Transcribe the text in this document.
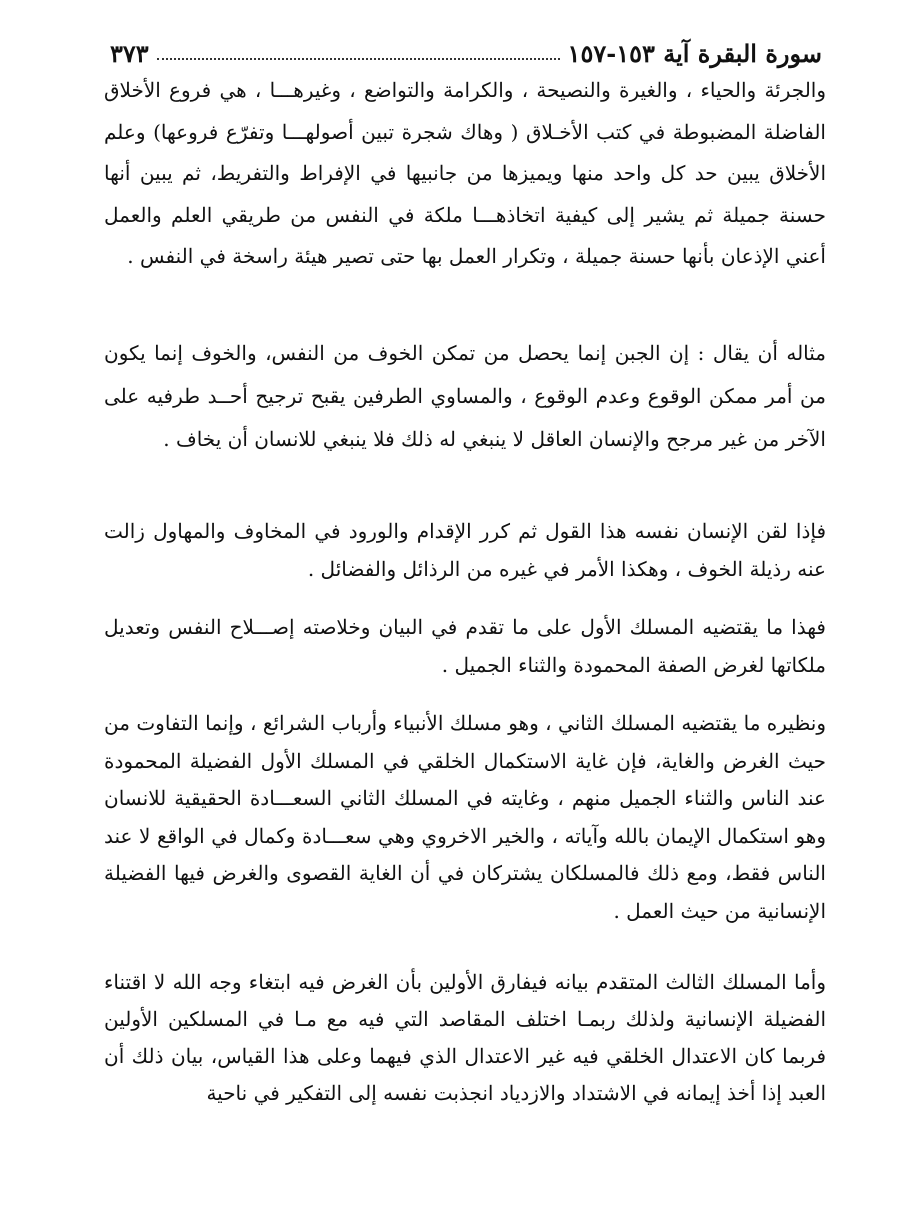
سورة البقرة آية ١٥٣-١٥٧
٣٧٣

والجرئة والحياء ، والغيرة والنصيحة ، والكرامة والتواضع ، وغيرهـــا ، هي فروع الأخلاق الفاضلة المضبوطة في كتب الأخـلاق ( وهاك شجرة تبين أصولهـــا وتفرّع فروعها) وعلم الأخلاق يبين حد كل واحد منها ويميزها من جانبيها في الإفراط والتفريط، ثم يبين أنها حسنة جميلة ثم يشير إلى كيفية اتخاذهـــا ملكة في النفس من طريقي العلم والعمل أعني الإذعان بأنها حسنة جميلة ، وتكرار العمل بها حتى تصير هيئة راسخة في النفس .

مثاله أن يقال : إن الجبن إنما يحصل من تمكن الخوف من النفس، والخوف إنما يكون من أمر ممكن الوقوع وعدم الوقوع ، والمساوي الطرفين يقبح ترجيح أحــد طرفيه على الآخر من غير مرجح والإنسان العاقل لا ينبغي له ذلك فلا ينبغي للانسان أن يخاف .

فإذا لقن الإنسان نفسه هذا القول ثم كرر الإقدام والورود في المخاوف والمهاول زالت عنه رذيلة الخوف ، وهكذا الأمر في غيره من الرذائل والفضائل .

فهذا ما يقتضيه المسلك الأول على ما تقدم في البيان وخلاصته إصـــلاح النفس وتعديل ملكاتها لغرض الصفة المحمودة والثناء الجميل .

ونظيره ما يقتضيه المسلك الثاني ، وهو مسلك الأنبياء وأرباب الشرائع ، وإنما التفاوت من حيث الغرض والغاية، فإن غاية الاستكمال الخلقي في المسلك الأول الفضيلة المحمودة عند الناس والثناء الجميل منهم ، وغايته في المسلك الثاني السعـــادة الحقيقية للانسان وهو استكمال الإيمان بالله وآياته ، والخير الاخروي وهي سعـــادة وكمال في الواقع لا عند الناس فقط، ومع ذلك فالمسلكان يشتركان في أن الغاية القصوى والغرض فيها الفضيلة الإنسانية من حيث العمل .

وأما المسلك الثالث المتقدم بيانه فيفارق الأولين بأن الغرض فيه ابتغاء وجه الله لا اقتناء الفضيلة الإنسانية ولذلك ربمـا اختلف المقاصد التي فيه مع مـا في المسلكين الأولين فربما كان الاعتدال الخلقي فيه غير الاعتدال الذي فيهما وعلى هذا القياس، بيان ذلك أن العبد إذا أخذ إيمانه في الاشتداد والازدياد انجذبت نفسه إلى التفكير في ناحية
